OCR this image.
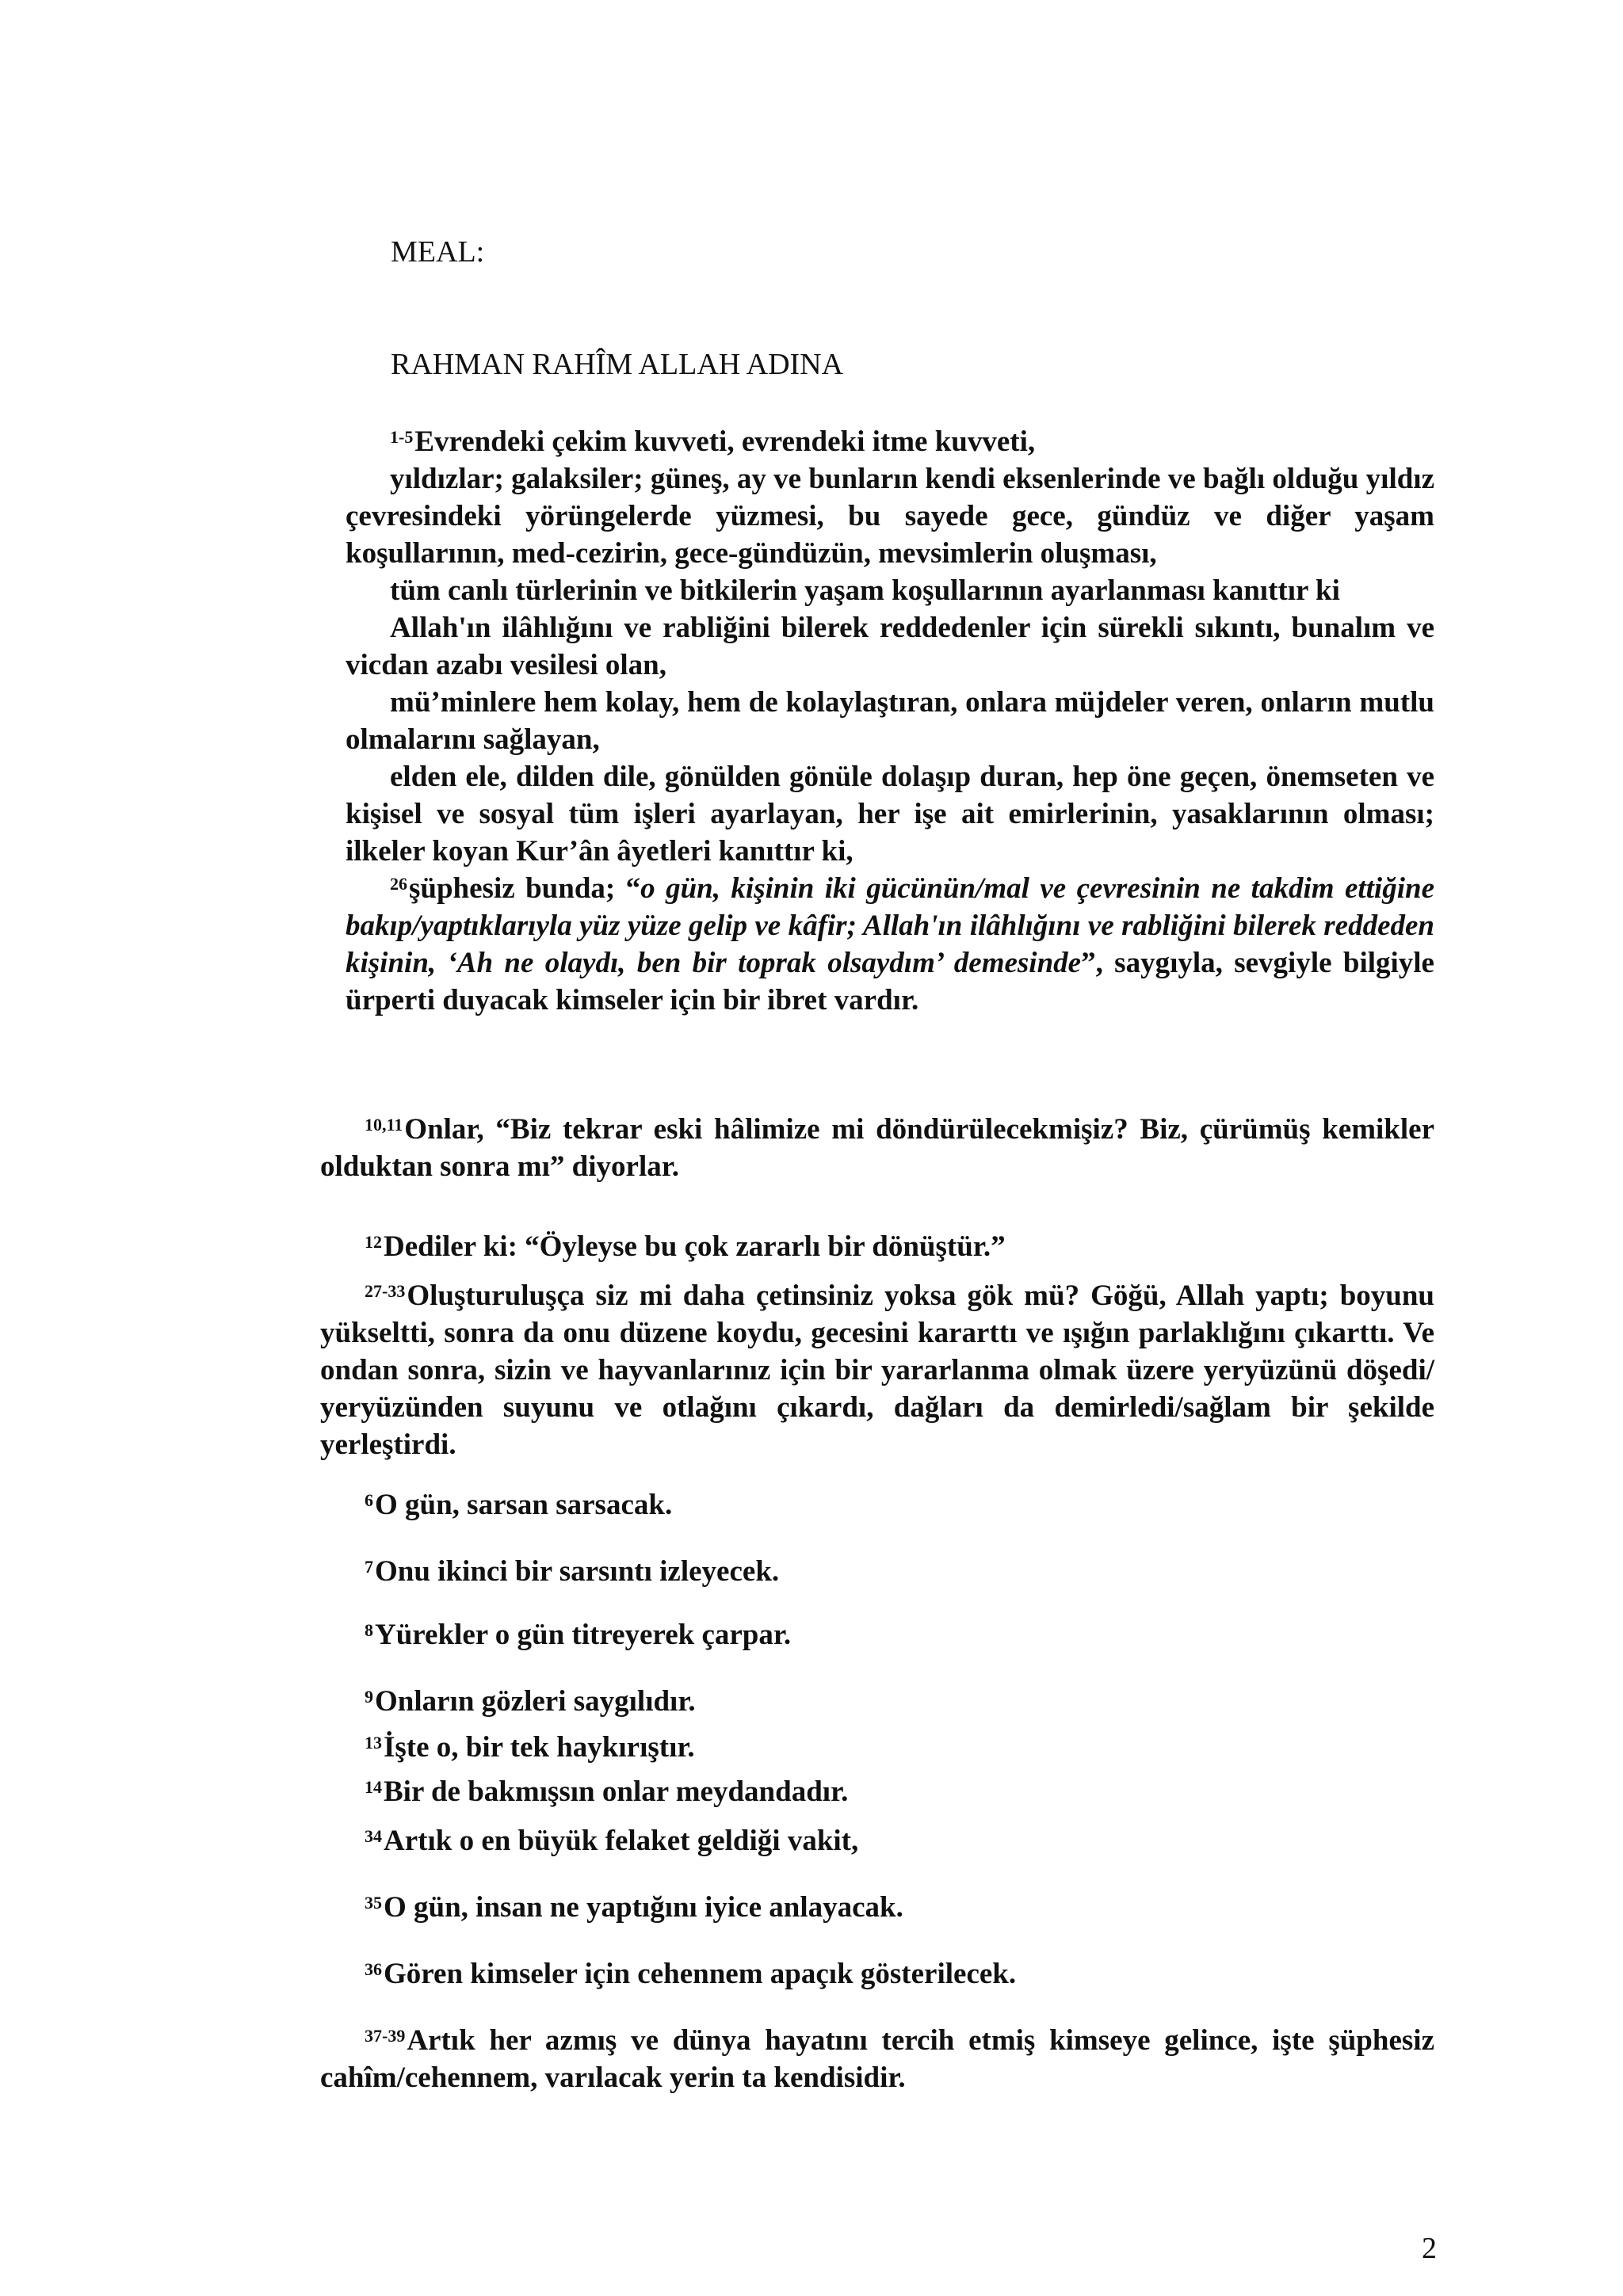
MEAL:
RAHMAN RAHÎM ALLAH ADINA

$^{1-5}$Evrendeki çekim kuvveti, evrendeki itme kuvveti,

yıldızlar; galaksiler; güneş, ay ve bunların kendi eksenlerinde ve bağlı olduğu yıldız çevresindeki yörüngelerde yüzmesi, bu sayede gece, gündüz ve diğer yaşam koşullarının, med-cezirin, gece-gündüzün, mevsimlerin oluşması,

tüm canlı türlerinin ve bitkilerin yaşam koşullarının ayarlanması kanıttır ki

Allah'ın ilâhlığını ve rabliğini bilerek reddedenler için sürekli sıkıntı, bunalım ve vicdan azabı vesilesi olan,

mü’minlere hem kolay, hem de kolaylaştıran, onlara müjdeler veren, onların mutlu olmalarını sağlayan,

elden ele, dilden dile, gönülden gönüle dolaşıp duran, hep öne geçen, önemseten ve kişisel ve sosyal tüm işleri ayarlayan, her işe ait emirlerinin, yasaklarının olması; ilkeler koyan Kur’ân âyetleri kanıttır ki,

$^{26}$şüphesiz bunda; “o gün, kişinin iki gücünün/mal ve çevresinin ne takdim ettiğine bakıp/yaptıklarıyla yüz yüze gelip ve kâfir; Allah'ın ilâhlığını ve rabliğini bilerek reddeden kişinin, ‘Ah ne olaydı, ben bir toprak olsaydım’ demesinde”, saygıyla, sevgiyle bilgiyle ürperti duyacak kimseler için bir ibret vardır.

$^{10,11}$Onlar, “Biz tekrar eski hâlimize mi döndürülecekmişiz? Biz, çürümüş kemikler olduktan sonra mı” diyorlar.

$^{12}$Dediler ki: “Öyleyse bu çok zararlı bir dönüştür.”

$^{27-33}$Oluşturuluşça siz mi daha çetinsiniz yoksa gök mü? Göğü, Allah yaptı; boyunu yükseltti, sonra da onu düzene koydu, gecesini kararttı ve ışığın parlaklığını çıkarttı. Ve ondan sonra, sizin ve hayvanlarınız için bir yararlanma olmak üzere yeryüzünü döşedi/ yeryüzünden suyunu ve otlağını çıkardı, dağları da demirledi/sağlam bir şekilde yerleştirdi.

$^6$O gün, sarsan sarsacak.

$^7$Onu ikinci bir sarsıntı izleyecek.

$^8$Yürekler o gün titreyerek çarpar.

$^9$Onların gözleri saygılıdır.

$^{13}$İşte o, bir tek haykırıştır.

$^{14}$Bir de bakmışsın onlar meydandadır.

$^{34}$Artık o en büyük felaket geldiği vakit,

$^{35}$O gün, insan ne yaptığını iyice anlayacak.

$^{36}$Gören kimseler için cehennem apaçık gösterilecek.

$^{37-39}$Artık her azmış ve dünya hayatını tercih etmiş kimseye gelince, işte şüphesiz cahîm/cehennem, varılacak yerin ta kendisidir.

2
